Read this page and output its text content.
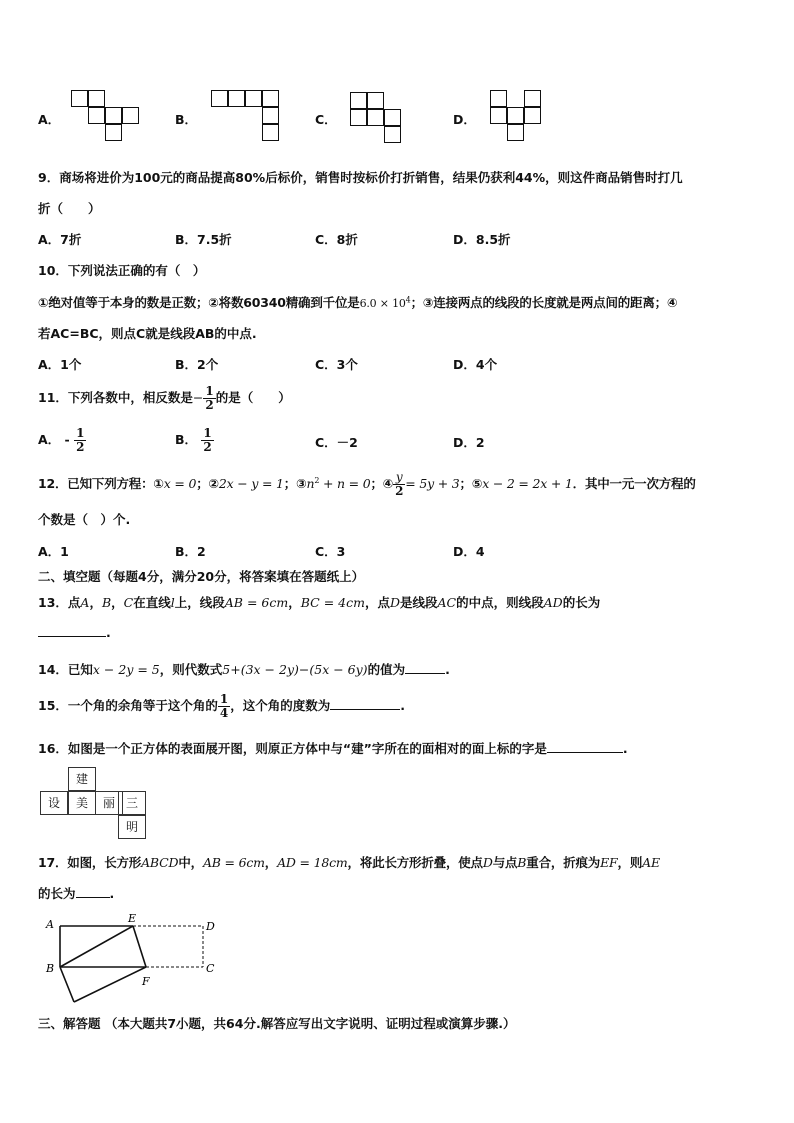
A．	B．	C．	D．
9．商场将进价为100元的商品提高80%后标价，销售时按标价打折销售，结果仍获利44%，则这件商品销售时打几
折（　　）
A．7折	B．7.5折	C．8折	D．8.5折
10．下列说法正确的有（　）
①绝对值等于本身的数是正数；②将数60340精确到千位是$6.0 \times 10^4$；③连接两点的线段的长度就是两点间的距离；④
若AC=BC，则点C就是线段AB的中点.
A．1个	B．2个	C．3个	D．4个
11．下列各数中，相反数是− $\frac{1}{2}$ 的是（　　）
A． - $\frac{1}{2}$	B． $\frac{1}{2}$	C．－2	D．2
12．已知下列方程：①x = 0；②2x − y = 1；$③n^2 + n = 0$；④ $\frac{y}{2} = 5y + 3$；⑤x − 2 = 2x + 1．其中一元一次方程的
个数是（　）个.
A．1	B．2	C．3	D．4
二、填空题（每题4分，满分20分，将答案填在答题纸上）
13．点A，B，C在直线l上，线段AB = 6cm，BC = 4cm，点D是线段AC的中点，则线段AD的长为
.
14．已知x − 2y = 5，则代数式5+(3x − 2y)−(5x − 6y)的值为	.
15．一个角的余角等于这个角的 $\frac{1}{4}$ ，这个角的度数为	.
16．如图是一个正方体的表面展开图，则原正方体中与“建”字所在的面相对的面上标的字是	.
建
设	美	丽 三
明
17．如图，长方形ABCD中，AB = 6cm，AD = 18cm，将此长方形折叠，使点D与点B重合，折痕为EF，则AE
的长为	.
A	E
D
B	C
F
三、解答题 （本大题共7小题，共64分.解答应写出文字说明、证明过程或演算步骤.）
